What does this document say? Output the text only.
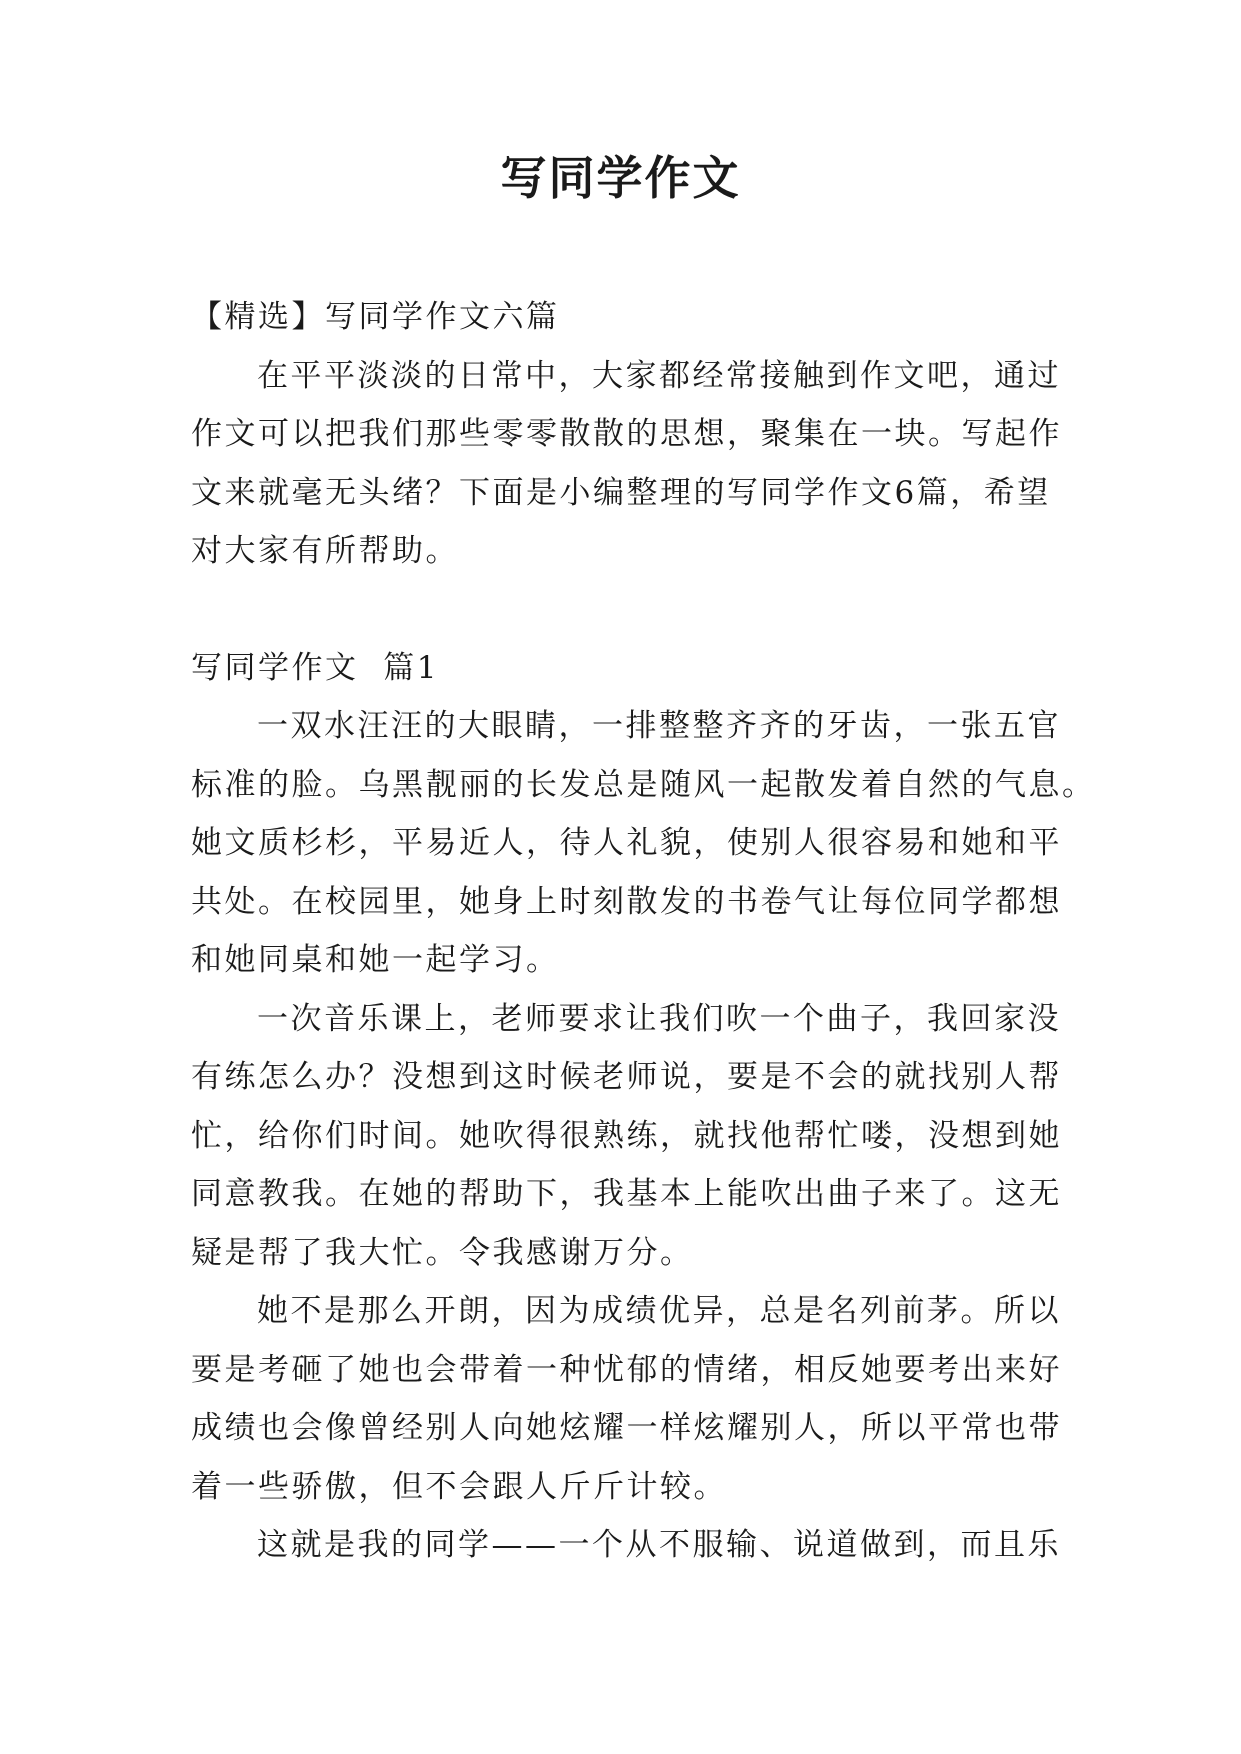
写同学作文

【精选】写同学作文六篇

在平平淡淡的日常中，大家都经常接触到作文吧，通过

作文可以把我们那些零零散散的思想，聚集在一块。写起作

文来就毫无头绪？下面是小编整理的写同学作文6篇，希望

对大家有所帮助。

写同学作文  篇1

一双水汪汪的大眼睛，一排整整齐齐的牙齿，一张五官

标准的脸。乌黑靓丽的长发总是随风一起散发着自然的气息。

她文质杉杉，平易近人，待人礼貌，使别人很容易和她和平

共处。在校园里，她身上时刻散发的书卷气让每位同学都想

和她同桌和她一起学习。

一次音乐课上，老师要求让我们吹一个曲子，我回家没

有练怎么办？没想到这时候老师说，要是不会的就找别人帮

忙，给你们时间。她吹得很熟练，就找他帮忙喽，没想到她

同意教我。在她的帮助下，我基本上能吹出曲子来了。这无

疑是帮了我大忙。令我感谢万分。

她不是那么开朗，因为成绩优异，总是名列前茅。所以

要是考砸了她也会带着一种忧郁的情绪，相反她要考出来好

成绩也会像曾经别人向她炫耀一样炫耀别人，所以平常也带

着一些骄傲，但不会跟人斤斤计较。

这就是我的同学——一个从不服输、说道做到，而且乐
